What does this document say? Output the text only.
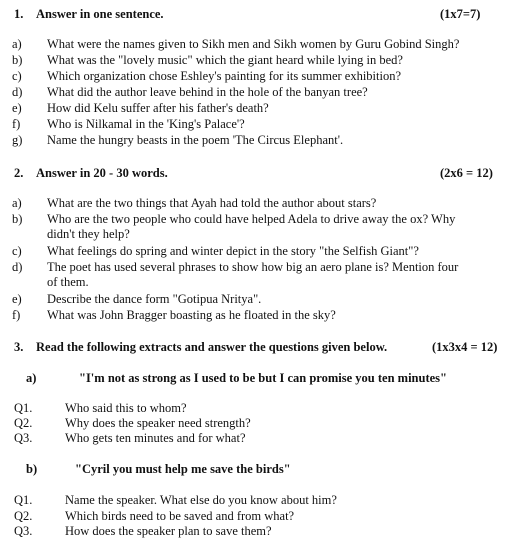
1. Answer in one sentence.	(1x7=7)
a) What were the names given to Sikh men and Sikh women by Guru Gobind Singh?
b) What was the "lovely music" which the giant heard while lying in bed?
c) Which organization chose Eshley's painting for its summer exhibition?
d) What did the author leave behind in the hole of the banyan tree?
e) How did Kelu suffer after his father's death?
f) Who is Nilkamal in the 'King's Palace'?
g) Name the hungry beasts in the poem 'The Circus Elephant'.
2. Answer in 20 - 30 words.	(2x6 = 12)
a) What are the two things that Ayah had told the author about stars?
b) Who are the two people who could have helped Adela to drive away the ox? Why
didn't they help?
c) What feelings do spring and winter depict in the story "the Selfish Giant"?
d) The poet has used several phrases to show how big an aero plane is? Mention four
of them.
e) Describe the dance form "Gotipua Nritya".
f) What was John Bragger boasting as he floated in the sky?
3. Read the following extracts and answer the questions given below.	(1x3x4 = 12)
a)	"I'm not as strong as I used to be but I can promise you ten minutes"
Q1.	Who said this to whom?
Q2.	Why does the speaker need strength?
Q3.	Who gets ten minutes and for what?
b)	"Cyril you must help me save the birds"
Q1.	Name the speaker. What else do you know about him?
Q2.	Which birds need to be saved and from what?
Q3.	How does the speaker plan to save them?
